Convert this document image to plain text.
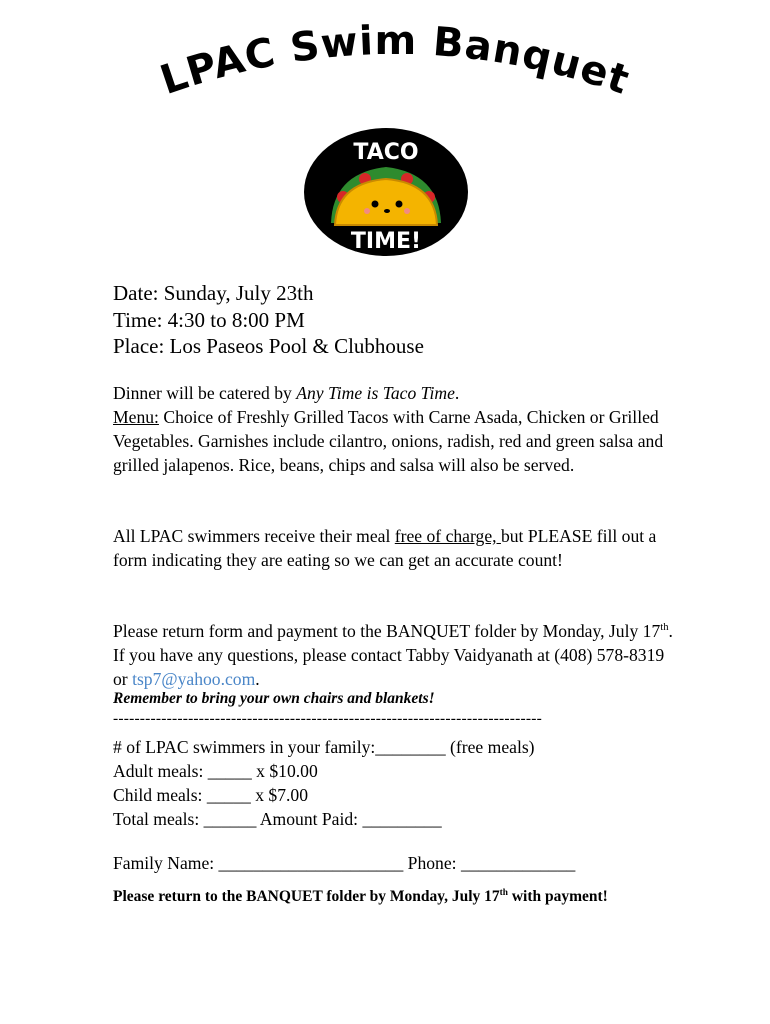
LPAC Swim Banquet
TACO
TIME!
Date: Sunday, July 23th
Time: 4:30 to 8:00 PM
Place: Los Paseos Pool & Clubhouse
Dinner will be catered by Any Time is Taco Time.
Menu: Choice of Freshly Grilled Tacos with Carne Asada, Chicken or Grilled Vegetables. Garnishes include cilantro, onions, radish, red and green salsa and grilled jalapenos. Rice, beans, chips and salsa will also be served.
All LPAC swimmers receive their meal free of charge, but PLEASE fill out a form indicating they are eating so we can get an accurate count!
Please return form and payment to the BANQUET folder by Monday, July 17th. If you have any questions, please contact Tabby Vaidyanath at (408) 578-8319 or tsp7@yahoo.com.
Remember to bring your own chairs and blankets!
--------------------------------------------------------------------------------
# of LPAC swimmers in your family:________ (free meals)
Adult meals: _____ x $10.00
Child meals: _____ x $7.00
Total meals: ______ Amount Paid: _________
Family Name: _____________________ Phone: _____________
Please return to the BANQUET folder by Monday, July 17th with payment!
